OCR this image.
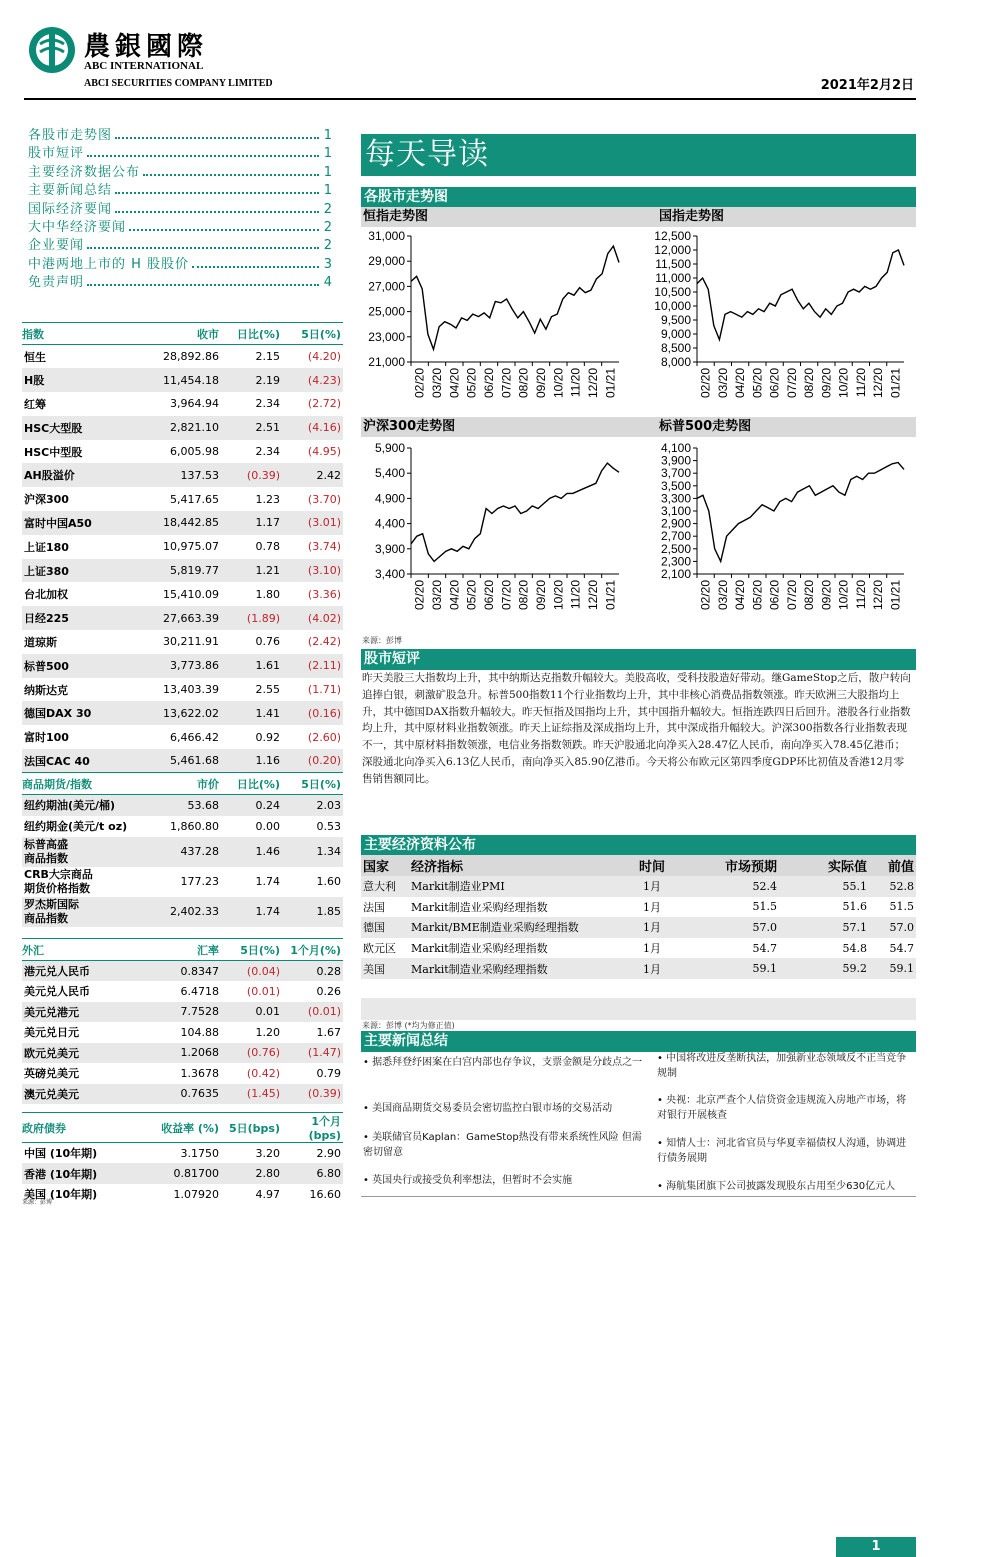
農銀國際
ABC INTERNATIONAL
ABCI SECURITIES COMPANY LIMITED	2021年2月2日
各股市走势图	1
股市短评	1
主要经济数据公布	1
主要新闻总结	1
国际经济要闻	2
大中华经济要闻	2
企业要闻	2
中港两地上市的 H 股股价	3
免责声明	4
指数	收市	日比(%)	5日(%)
恒生	28,892.86	2.15	(4.20)
H股	11,454.18	2.19	(4.23)
红筹	3,964.94	2.34	(2.72)
HSC大型股	2,821.10	2.51	(4.16)
HSC中型股	6,005.98	2.34	(4.95)
AH股溢价	137.53	(0.39)	2.42
沪深300	5,417.65	1.23	(3.70)
富时中国A50	18,442.85	1.17	(3.01)
上证180	10,975.07	0.78	(3.74)
上证380	5,819.77	1.21	(3.10)
台北加权	15,410.09	1.80	(3.36)
日经225	27,663.39	(1.89)	(4.02)
道琼斯	30,211.91	0.76	(2.42)
标普500	3,773.86	1.61	(2.11)
纳斯达克	13,403.39	2.55	(1.71)
德国DAX 30	13,622.02	1.41	(0.16)
富时100	6,466.42	0.92	(2.60)
法国CAC 40	5,461.68	1.16	(0.20)
商品期货/指数	市价	日比(%)	5日(%)
纽约期油(美元/桶)	53.68	0.24	2.03
纽约期金(美元/t oz)	1,860.80	0.00	0.53
标普高盛
商品指数	437.28	1.46	1.34
CRB大宗商品
期货价格指数	177.23	1.74	1.60
罗杰斯国际
商品指数	2,402.33	1.74	1.85
外汇	汇率	5日(%)	1个月(%)
港元兑人民币	0.8347	(0.04)	0.28
美元兑人民币	6.4718	(0.01)	0.26
美元兑港元	7.7528	0.01	(0.01)
美元兑日元	104.88	1.20	1.67
欧元兑美元	1.2068	(0.76)	(1.47)
英磅兑美元	1.3678	(0.42)	0.79
澳元兑美元	0.7635	(1.45)	(0.39)
政府债券	收益率 (%)	5日(bps)	1个月(bps)
中国 (10年期)	3.1750	3.20	2.90
香港 (10年期)	0.81700	2.80	6.80
美国 (10年期)	1.07920	4.97	16.60
来源：彭博
每天导读
各股市走势图
恒指走势图	国指走势图
31,000
29,000
27,000
25,000
23,000
21,000
02/20 03/20 04/20 05/20 06/20 07/20 08/20 09/20 10/20 11/20 12/20 01/21
12,500
12,000
11,500
11,000
10,500
10,000
9,500
9,000
8,500
8,000
02/20 03/20 04/20 05/20 06/20 07/20 08/20 09/20 10/20 11/20 12/20 01/21
沪深300走势图	标普500走势图
5,900
5,400
4,900
4,400
3,900
3,400
02/20 03/20 04/20 05/20 06/20 07/20 08/20 09/20 10/20 11/20 12/20 01/21
4,100
3,900
3,700
3,500
3,300
3,100
2,900
2,700
2,500
2,300
2,100
02/20 03/20 04/20 05/20 06/20 07/20 08/20 09/20 10/20 11/20 12/20 01/21
来源：彭博
股市短评
昨天美股三大指数均上升，其中纳斯达克指数升幅较大。美股高收，受科技股造好带动。继GameStop之后，散户转向追捧白银，刺激矿股急升。标普500指数11个行业指数均上升，其中非核心消费品指数领涨。昨天欧洲三大股指均上升，其中德国DAX指数升幅较大。昨天恒指及国指均上升，其中国指升幅较大。恒指连跌四日后回升。港股各行业指数均上升，其中原材料业指数领涨。昨天上证综指及深成指均上升，其中深成指升幅较大。沪深300指数各行业指数表现不一，其中原材料指数领涨，电信业务指数领跌。昨天沪股通北向净买入28.47亿人民币，南向净买入78.45亿港币；深股通北向净买入6.13亿人民币，南向净买入85.90亿港币。今天将公布欧元区第四季度GDP环比初值及香港12月零售销售额同比。
主要经济资料公布
国家	经济指标	时间	市场预期	实际值	前值
意大利	Markit制造业PMI	1月	52.4	55.1	52.8
法国	Markit制造业采购经理指数	1月	51.5	51.6	51.5
德国	Markit/BME制造业采购经理指数	1月	57.0	57.1	57.0
欧元区	Markit制造业采购经理指数	1月	54.7	54.8	54.7
美国	Markit制造业采购经理指数	1月	59.1	59.2	59.1
来源：彭博 (*均为修正值)
主要新闻总结
• 据悉拜登纾困案在白宫内部也存争议，支票金额是分歧点之一
• 美国商品期货交易委员会密切监控白银市场的交易活动
• 美联储官员Kaplan：GameStop热没有带来系统性风险 但需密切留意
• 英国央行或接受负利率想法，但暂时不会实施
• 中国将改进反垄断执法，加强新业态领域反不正当竞争规制
• 央视：北京严查个人信贷资金违规流入房地产市场，将对银行开展核查
• 知情人士：河北省官员与华夏幸福债权人沟通，协调进行债务展期
• 海航集团旗下公司披露发现股东占用至少630亿元人
1
